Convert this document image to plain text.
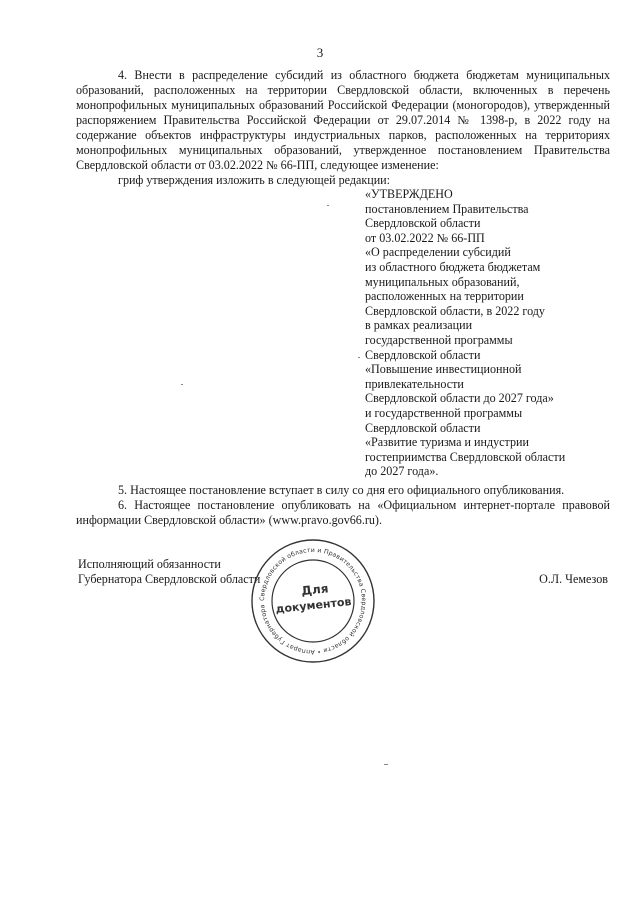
3

4. Внести в распределение субсидий из областного бюджета бюджетам муниципальных образований, расположенных на территории Свердловской области, включенных в перечень монопрофильных муниципальных образований Российской Федерации (моногородов), утвержденный распоряжением Правительства Российской Федерации от 29.07.2014 № 1398-р, в 2022 году на содержание объектов инфраструктуры индустриальных парков, расположенных на территориях монопрофильных муниципальных образований, утвержденное постановлением Правительства Свердловской области от 03.02.2022 № 66-ПП, следующее изменение:

гриф утверждения изложить в следующей редакции:

«УТВЕРЖДЕНО
постановлением Правительства
Свердловской области
от 03.02.2022 № 66-ПП
«О распределении субсидий
из областного бюджета бюджетам
муниципальных образований,
расположенных на территории
Свердловской области, в 2022 году
в рамках реализации
государственной программы
Свердловской области
«Повышение инвестиционной
привлекательности
Свердловской области до 2027 года»
и государственной программы
Свердловской области
«Развитие туризма и индустрии
гостеприимства Свердловской области
до 2027 года».

5. Настоящее постановление вступает в силу со дня его официального опубликования.

6. Настоящее постановление опубликовать на «Официальном интернет-портале правовой информации Свердловской области» (www.pravo.gov66.ru).

Исполняющий обязанности
Губернатора Свердловской области	О.Л. Чемезов
Свердловской области и Правительства Свердловской области • Аппарат Губернатора
Для
документов
